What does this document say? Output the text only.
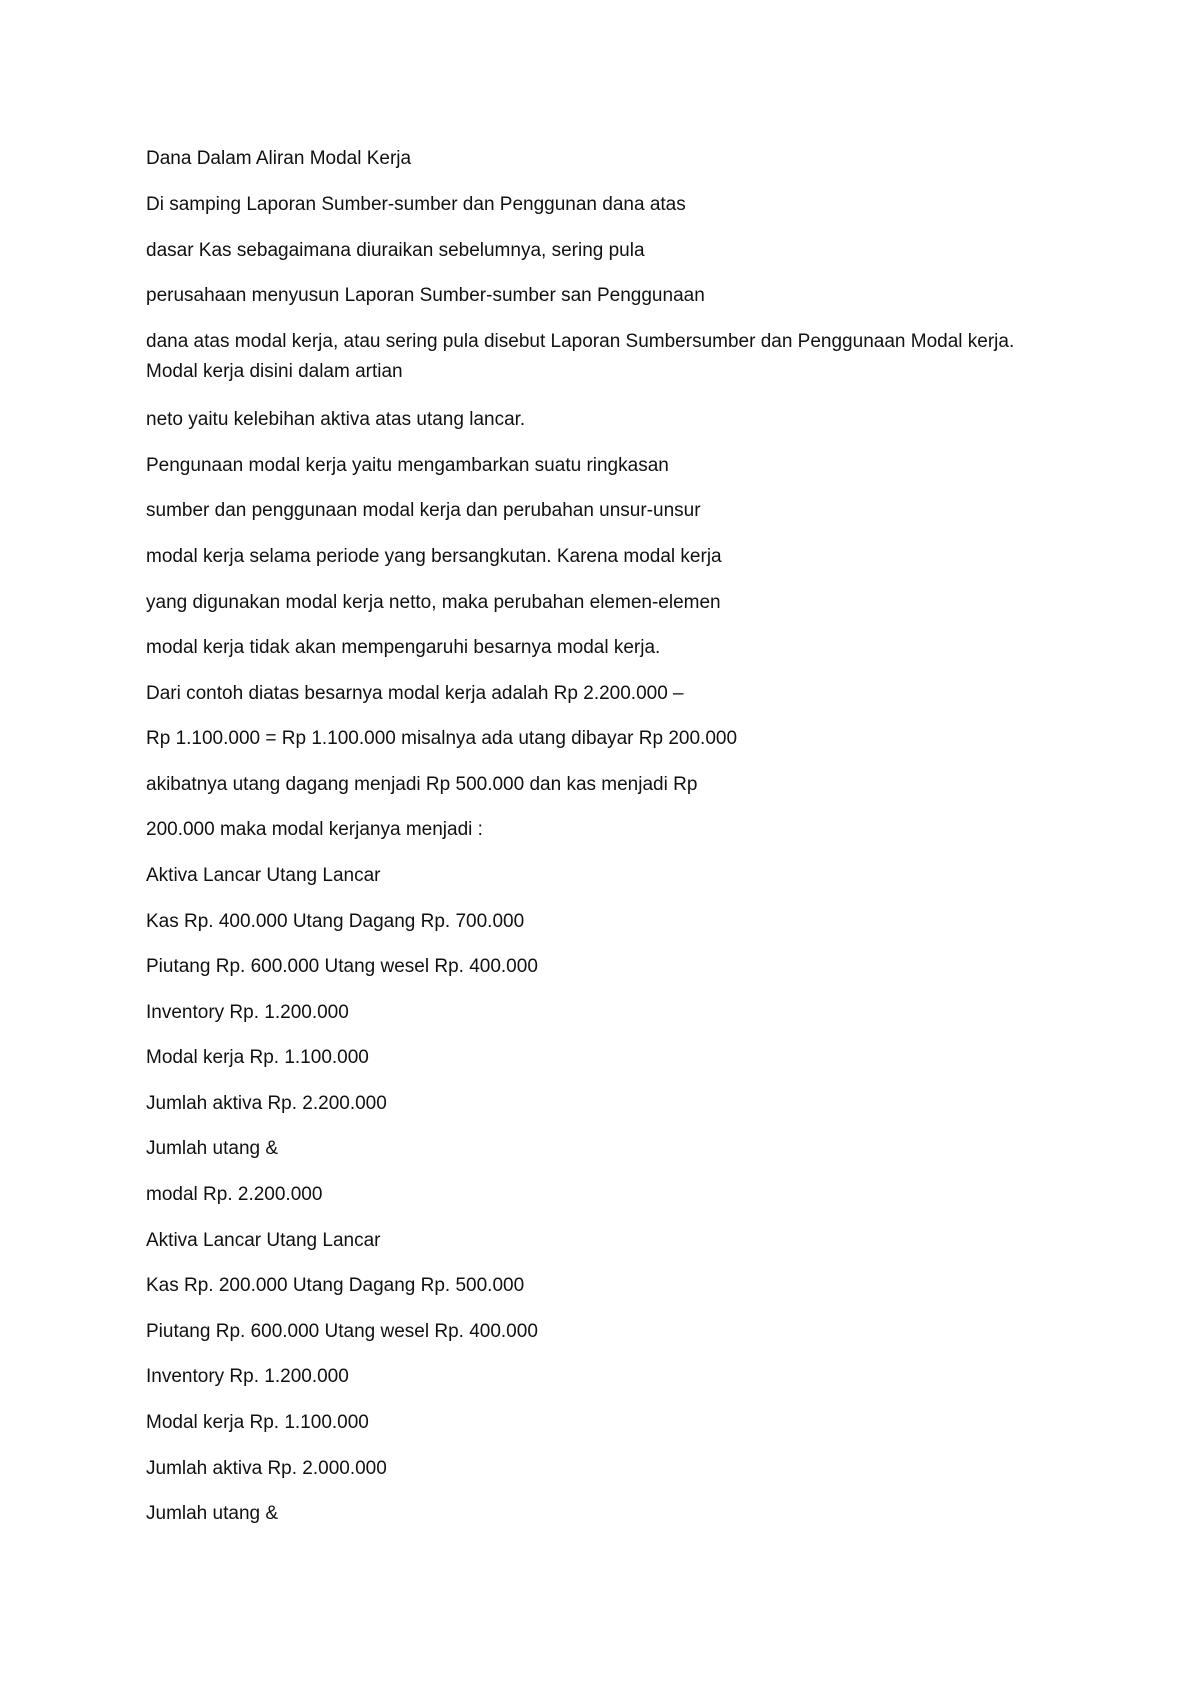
Dana Dalam Aliran Modal Kerja

Di samping Laporan Sumber-sumber dan Penggunan dana atas

dasar Kas sebagaimana diuraikan sebelumnya, sering pula

perusahaan menyusun Laporan Sumber-sumber san Penggunaan

dana atas modal kerja, atau sering pula disebut Laporan Sumbersumber dan Penggunaan Modal kerja. Modal kerja disini dalam artian

neto yaitu kelebihan aktiva atas utang lancar.

Pengunaan modal kerja yaitu mengambarkan suatu ringkasan

sumber dan penggunaan modal kerja dan perubahan unsur-unsur

modal kerja selama periode yang bersangkutan. Karena modal kerja

yang digunakan modal kerja netto, maka perubahan elemen-elemen

modal kerja tidak akan mempengaruhi besarnya modal kerja.

Dari contoh diatas besarnya modal kerja adalah Rp 2.200.000 –

Rp 1.100.000 = Rp 1.100.000 misalnya ada utang dibayar Rp 200.000

akibatnya utang dagang menjadi Rp 500.000 dan kas menjadi Rp

200.000 maka modal kerjanya menjadi :

Aktiva Lancar Utang Lancar

Kas Rp. 400.000 Utang Dagang Rp. 700.000

Piutang Rp. 600.000 Utang wesel Rp. 400.000

Inventory Rp. 1.200.000

Modal kerja Rp. 1.100.000

Jumlah aktiva Rp. 2.200.000

Jumlah utang &

modal Rp. 2.200.000

Aktiva Lancar Utang Lancar

Kas Rp. 200.000 Utang Dagang Rp. 500.000

Piutang Rp. 600.000 Utang wesel Rp. 400.000

Inventory Rp. 1.200.000

Modal kerja Rp. 1.100.000

Jumlah aktiva Rp. 2.000.000

Jumlah utang &
